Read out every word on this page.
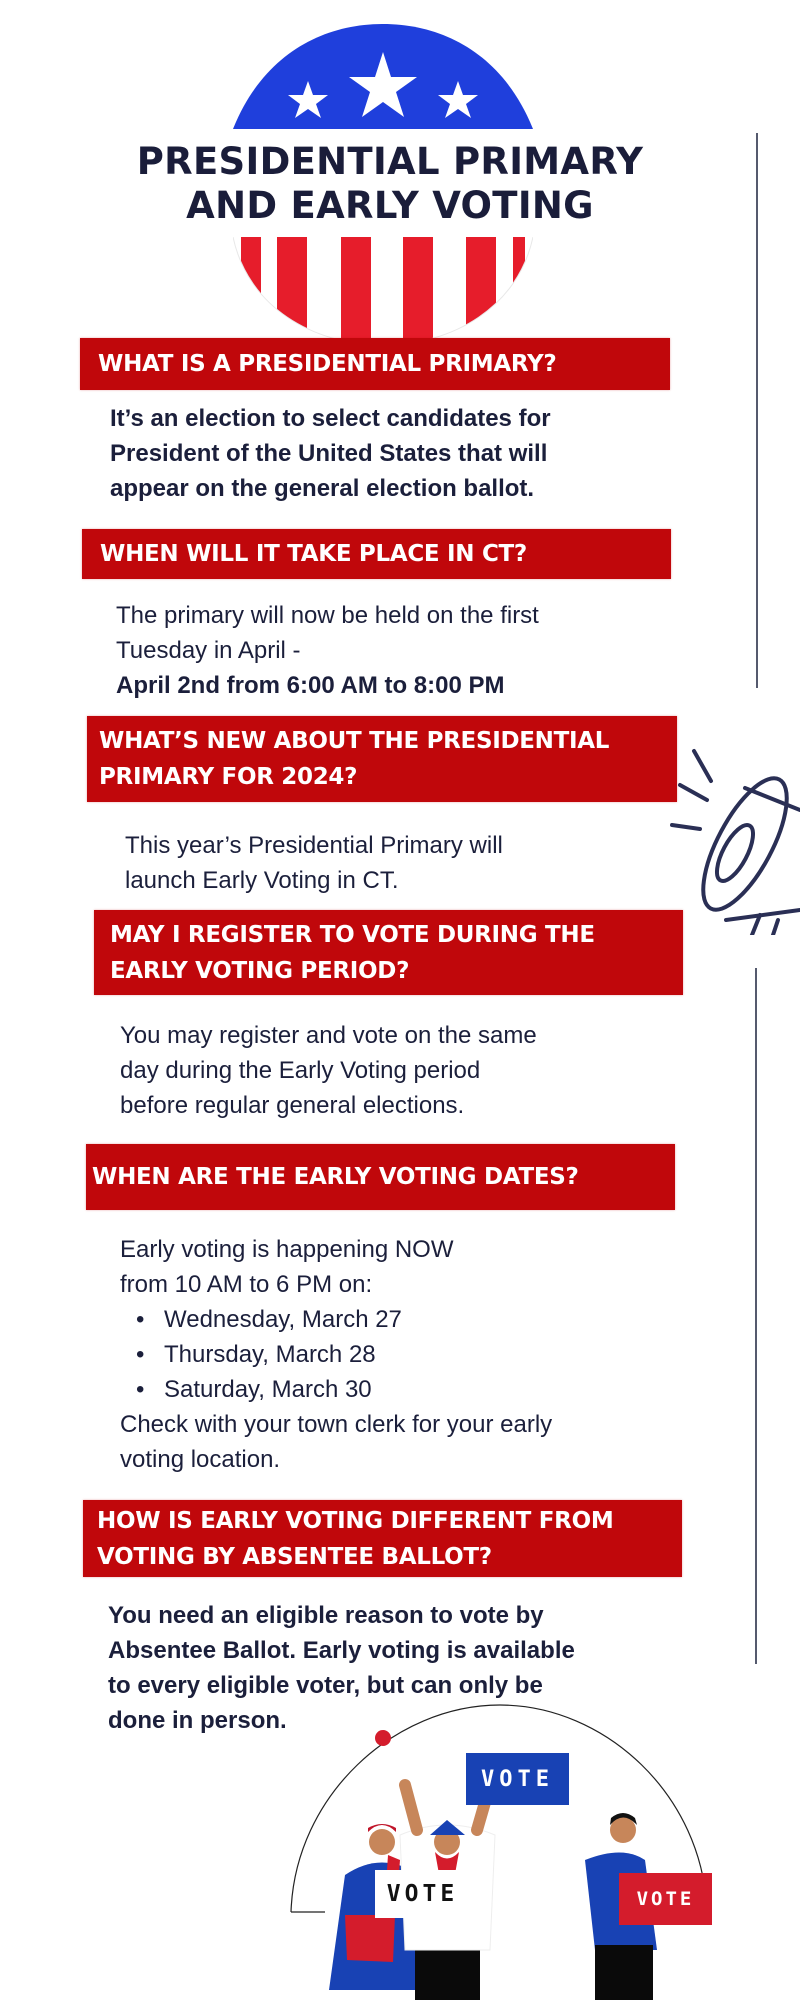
PRESIDENTIAL PRIMARY
AND EARLY VOTING
WHAT IS A PRESIDENTIAL PRIMARY?
It’s an election to select candidates for
President of the United States that will
appear on the general election ballot.
WHEN WILL IT TAKE PLACE IN CT?
The primary will now be held on the first
Tuesday in April -
April 2nd from 6:00 AM to 8:00 PM
WHAT’S NEW ABOUT THE PRESIDENTIAL
PRIMARY FOR 2024?
This year’s Presidential Primary will
launch Early Voting in CT.
MAY I REGISTER TO VOTE DURING THE
EARLY VOTING PERIOD?
You may register and vote on the same
day during the Early Voting period
before regular general elections.
WHEN ARE THE EARLY VOTING DATES?
Early voting is happening NOW
from 10 AM to 6 PM on:
• Wednesday, March 27
• Thursday, March 28
• Saturday, March 30
Check with your town clerk for your early
voting location.
HOW IS EARLY VOTING DIFFERENT FROM
VOTING BY ABSENTEE BALLOT?
You need an eligible reason to vote by
Absentee Ballot. Early voting is available
to every eligible voter, but can only be
done in person.
VOTE
VOTE	VOTE
